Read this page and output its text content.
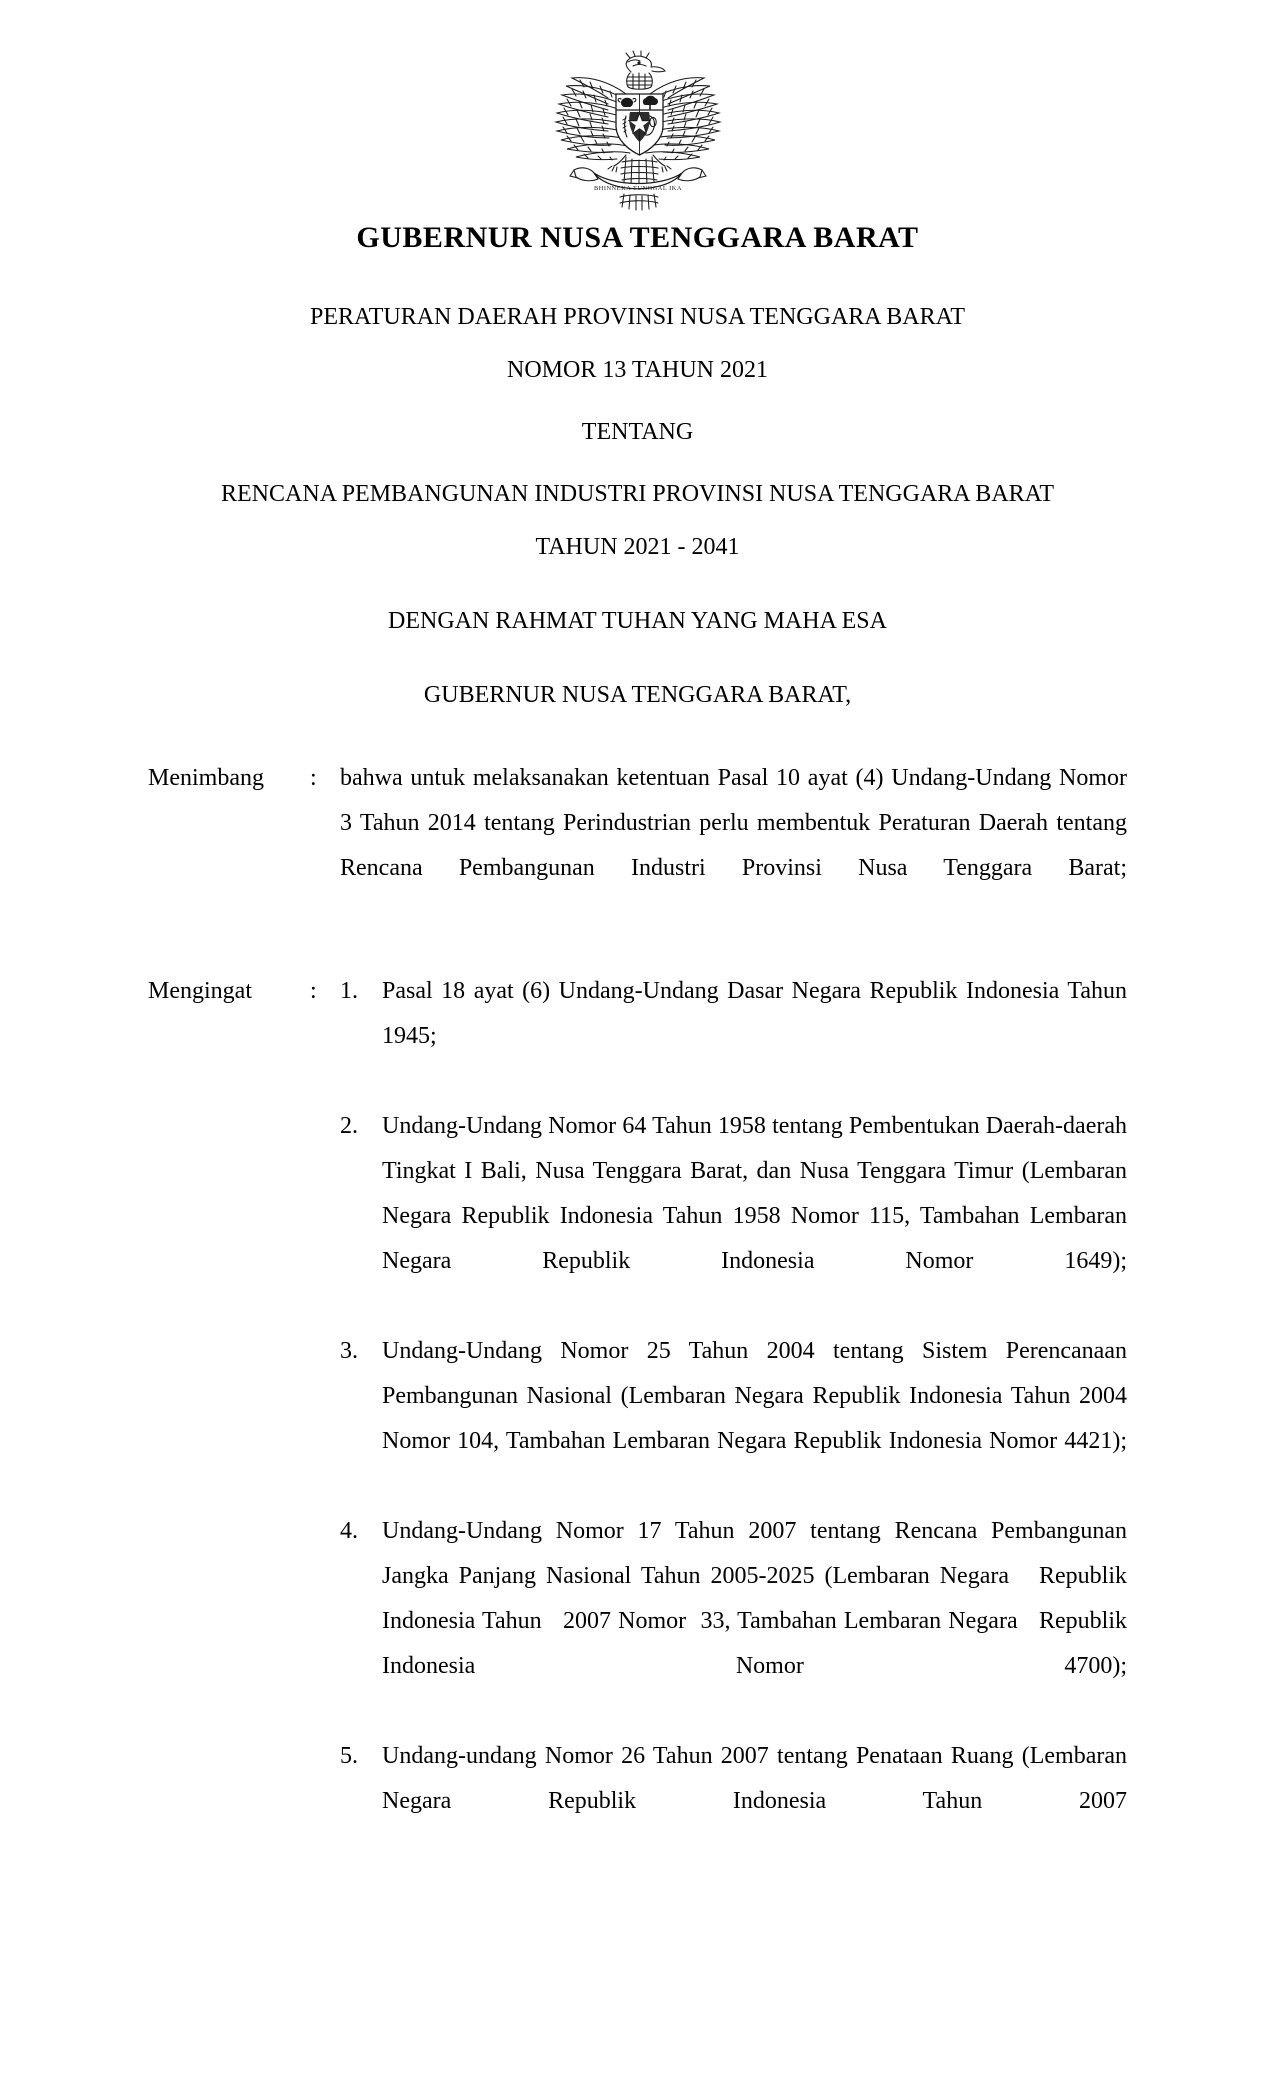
BHINNEKA TUNGGAL IKA
GUBERNUR NUSA TENGGARA BARAT
PERATURAN DAERAH PROVINSI NUSA TENGGARA BARAT
NOMOR 13 TAHUN 2021
TENTANG
RENCANA PEMBANGUNAN INDUSTRI PROVINSI NUSA TENGGARA BARAT
TAHUN 2021 - 2041
DENGAN RAHMAT TUHAN YANG MAHA ESA
GUBERNUR NUSA TENGGARA BARAT,
Menimbang	: bahwa untuk melaksanakan ketentuan Pasal 10 ayat (4) Undang-Undang Nomor 3 Tahun 2014 tentang Perindustrian perlu membentuk Peraturan Daerah tentang Rencana Pembangunan Industri Provinsi Nusa Tenggara Barat;

Mengingat	: 1.	Pasal 18 ayat (6) Undang-Undang Dasar Negara Republik Indonesia Tahun 1945;
2.	Undang-Undang Nomor 64 Tahun 1958 tentang Pembentukan Daerah-daerah Tingkat I Bali, Nusa Tenggara Barat, dan Nusa Tenggara Timur (Lembaran Negara Republik Indonesia Tahun 1958 Nomor 115, Tambahan Lembaran Negara Republik Indonesia Nomor 1649);
3.	Undang-Undang Nomor 25 Tahun 2004 tentang Sistem Perencanaan Pembangunan Nasional (Lembaran Negara Republik Indonesia Tahun 2004 Nomor 104, Tambahan Lembaran Negara Republik Indonesia Nomor 4421);
4.	Undang-Undang Nomor 17 Tahun 2007 tentang Rencana Pembangunan Jangka Panjang Nasional Tahun 2005-2025 (Lembaran Negara   Republik   Indonesia Tahun   2007 Nomor  33, Tambahan Lembaran Negara   Republik Indonesia Nomor 4700);
5.	Undang-undang Nomor 26 Tahun 2007 tentang Penataan Ruang (Lembaran Negara Republik Indonesia Tahun 2007
